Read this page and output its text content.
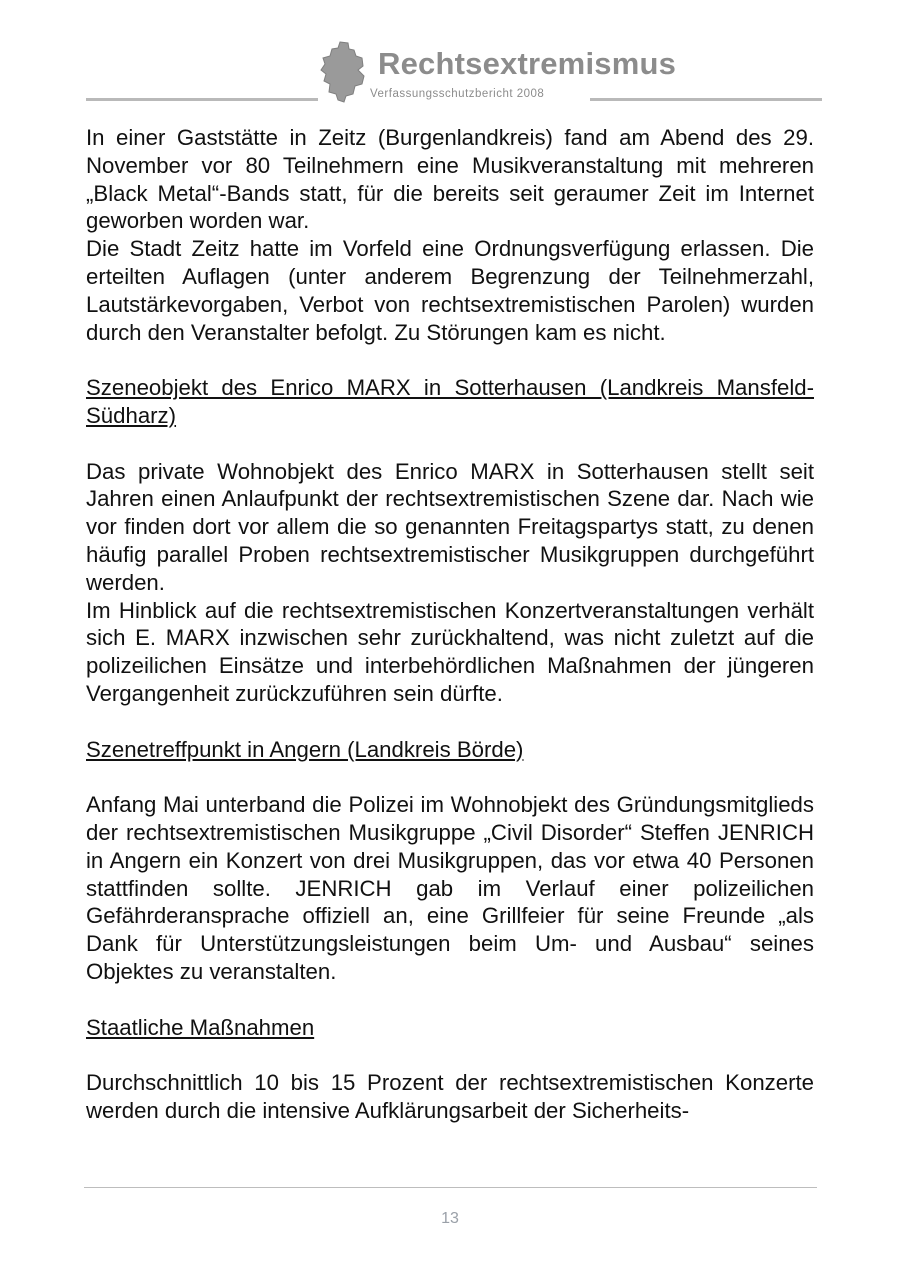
Rechtsextremismus
Verfassungsschutzbericht 2008

In einer Gaststätte in Zeitz (Burgenlandkreis) fand am Abend des 29. November vor 80 Teilnehmern eine Musikveranstaltung mit mehreren „Black Metal“-Bands statt, für die bereits seit geraumer Zeit im Internet geworben worden war.

Die Stadt Zeitz hatte im Vorfeld eine Ordnungsverfügung erlassen. Die erteilten Auflagen (unter anderem Begrenzung der Teilnehmerzahl, Lautstärkevorgaben, Verbot von rechtsextremistischen Parolen) wurden durch den Veranstalter befolgt. Zu Störungen kam es nicht.

Szeneobjekt des Enrico MARX in Sotterhausen (Landkreis Mansfeld-Südharz)

Das private Wohnobjekt des Enrico MARX in Sotterhausen stellt seit Jahren einen Anlaufpunkt der rechtsextremistischen Szene dar. Nach wie vor finden dort vor allem die so genannten Freitagspartys statt, zu denen häufig parallel Proben rechtsextremistischer Musikgruppen durchgeführt werden.

Im Hinblick auf die rechtsextremistischen Konzertveranstaltungen verhält sich E. MARX inzwischen sehr zurückhaltend, was nicht zuletzt auf die polizeilichen Einsätze und interbehördlichen Maßnahmen der jüngeren Vergangenheit zurückzuführen sein dürfte.

Szenetreffpunkt in Angern (Landkreis Börde)

Anfang Mai unterband die Polizei im Wohnobjekt des Gründungsmitglieds der rechtsextremistischen Musikgruppe „Civil Disorder“ Steffen JENRICH in Angern ein Konzert von drei Musikgruppen, das vor etwa 40 Personen stattfinden sollte. JENRICH gab im Verlauf einer polizeilichen Gefährderansprache offiziell an, eine Grillfeier für seine Freunde „als Dank für Unterstützungsleistungen beim Um- und Ausbau“ seines Objektes zu veranstalten.

Staatliche Maßnahmen

Durchschnittlich 10 bis 15 Prozent der rechtsextremistischen Konzerte werden durch die intensive Aufklärungsarbeit der Sicherheits-

13
